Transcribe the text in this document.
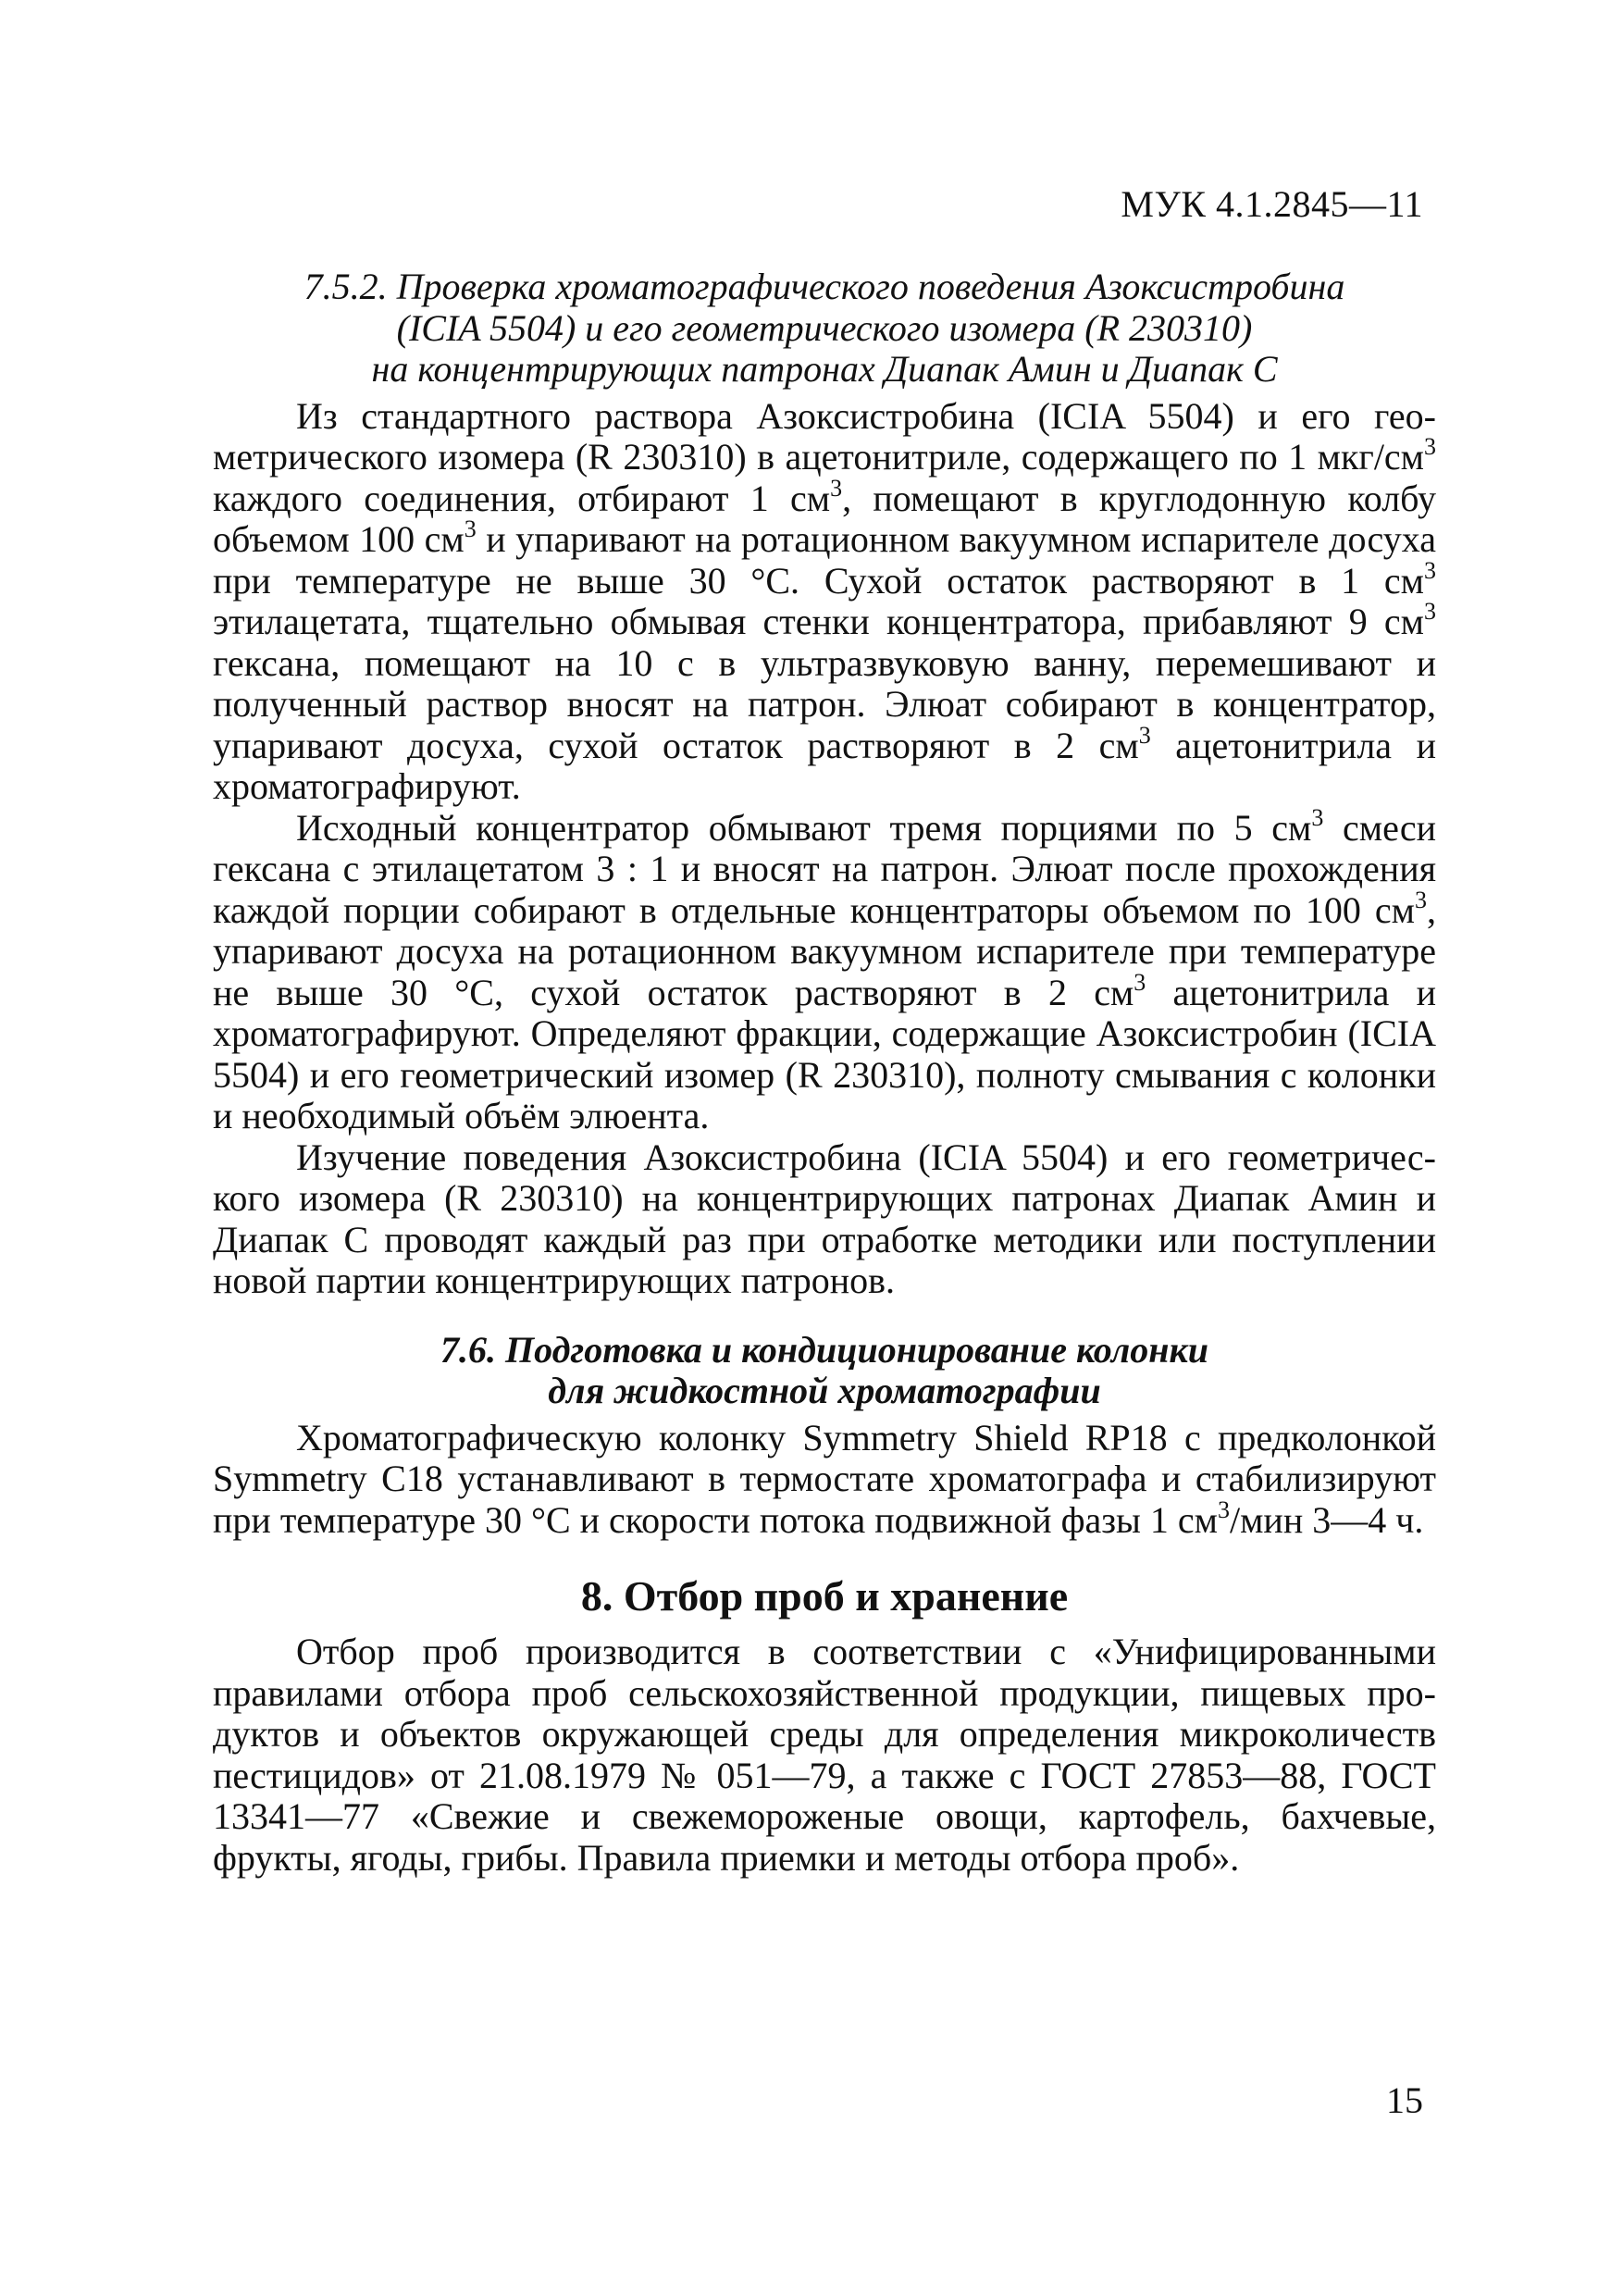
МУК 4.1.2845—11
7.5.2. Проверка хроматографического поведения Азоксистробина
(ICIA 5504) и его геометрического изомера (R 230310)
на концентрирующих патронах Диапак Амин и Диапак С

Из стандартного раствора Азоксистробина (ICIA 5504) и его геометрического изомера (R 230310) в ацетонитриле, содержащего по 1 мкг/$см^3$ каждого соединения, отбирают 1 $см^3$, помещают в круглодонную колбу объемом 100 $см^3$ и упаривают на ротационном вакуумном испарителе досуха при температуре не выше 30 °С. Сухой остаток растворяют в 1 $см^3$ этилацетата, тщательно обмывая стенки концентратора, прибавляют 9 $см^3$ гексана, помещают на 10 с в ультразвуковую ванну, перемешивают и полученный раствор вносят на патрон. Элюат собирают в концентратор, упаривают досуха, сухой остаток растворяют в 2 $см^3$ ацетонитрила и хроматографируют.

Исходный концентратор обмывают тремя порциями по 5 $см^3$ смеси гексана с этилацетатом 3 : 1 и вносят на патрон. Элюат после прохождения каждой порции собирают в отдельные концентраторы объемом по 100 $см^3$, упаривают досуха на ротационном вакуумном испарителе при температуре не выше 30 °С, сухой остаток растворяют в 2 $см^3$ ацетонитрила и хроматографируют. Определяют фракции, содержащие Азоксистробин (ICIA 5504) и его геометрический изомер (R 230310), полноту смывания с колонки и необходимый объём элюента.

Изучение поведения Азоксистробина (ICIA 5504) и его геометрического изомера (R 230310) на концентрирующих патронах Диапак Амин и Диапак С проводят каждый раз при отработке методики или поступлении новой партии концентрирующих патронов.

7.6. Подготовка и кондиционирование колонки
для жидкостной хроматографии

Хроматографическую колонку Symmetry Shield RP18 с предколонкой Symmetry C18 устанавливают в термостате хроматографа и стабилизируют при температуре 30 °С и скорости потока подвижной фазы 1 $см^3$/мин 3—4 ч.

8. Отбор проб и хранение

Отбор проб производится в соответствии с «Унифицированными правилами отбора проб сельскохозяйственной продукции, пищевых продуктов и объектов окружающей среды для определения микроколичеств пестицидов» от 21.08.1979 № 051—79, а также с ГОСТ 27853—88, ГОСТ 13341—77 «Свежие и свежемороженые овощи, картофель, бахчевые, фрукты, ягоды, грибы. Правила приемки и методы отбора проб».

15
